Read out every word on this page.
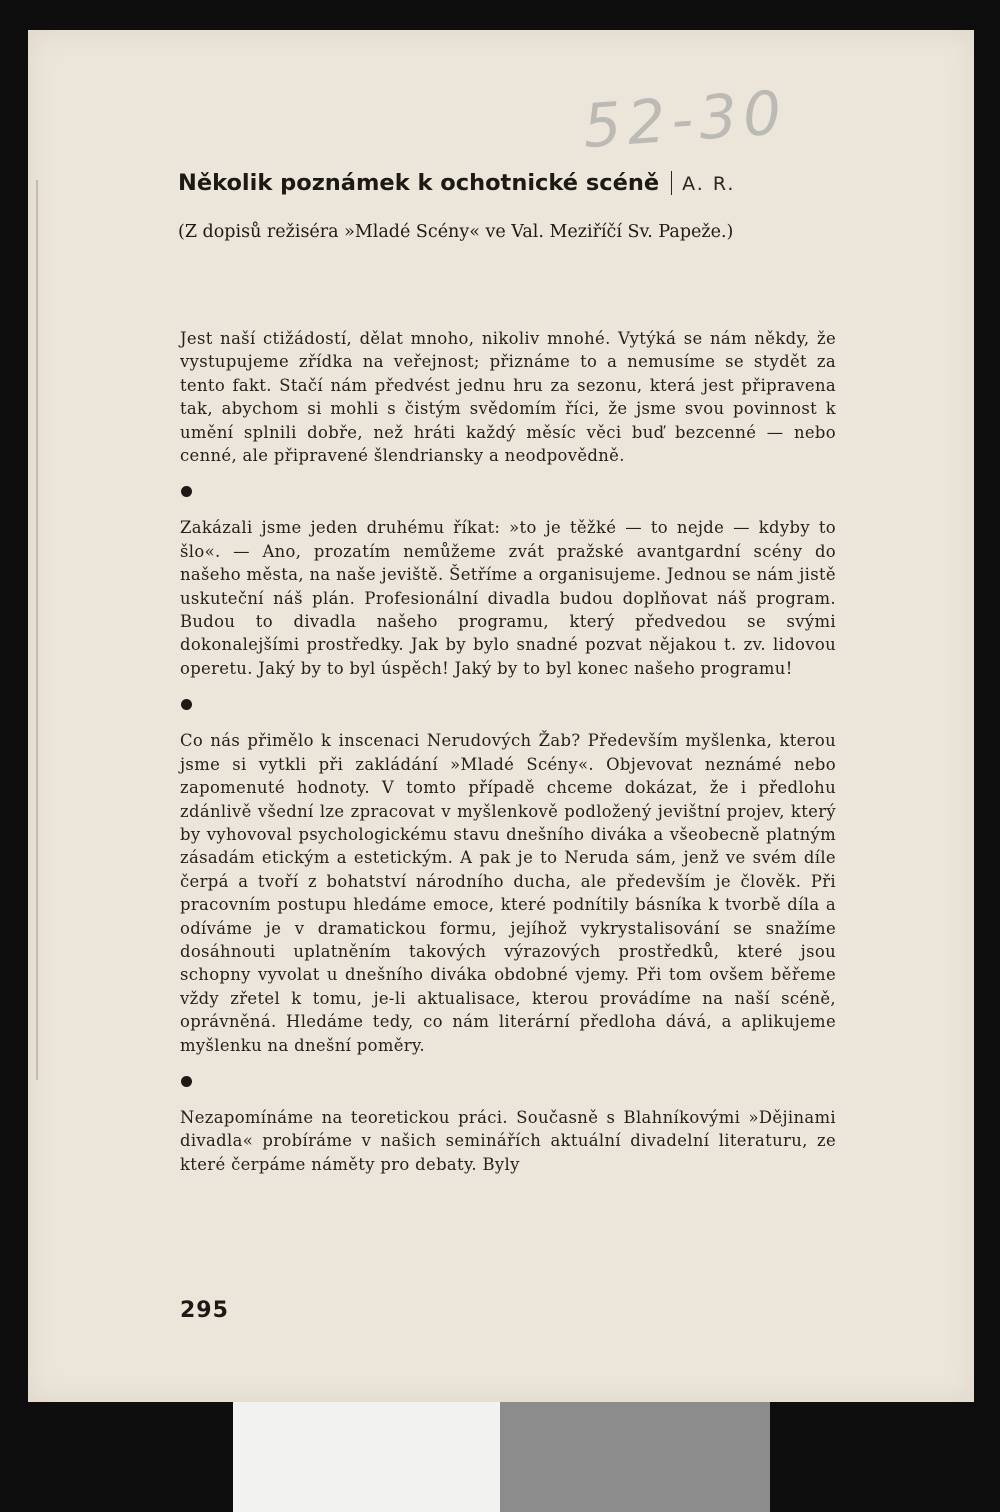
52-30
Několik poznámek k ochotnické scéně A. R.
(Z dopisů režiséra »Mladé Scény« ve Val. Meziříčí Sv. Papeže.)

Jest naší ctižádostí, dělat mnoho, nikoliv mnohé. Vytýká se nám někdy, že vystupujeme zřídka na veřejnost; přiznáme to a nemusíme se stydět za tento fakt. Stačí nám předvést jednu hru za sezonu, která jest připravena tak, abychom si mohli s čistým svědomím říci, že jsme svou povinnost k umění splnili dobře, než hráti každý měsíc věci buď bezcenné — nebo cenné, ale připravené šlendriansky a neodpovědně.

Zakázali jsme jeden druhému říkat: »to je těžké — to nejde — kdyby to šlo«. — Ano, prozatím nemůžeme zvát pražské avantgardní scény do našeho města, na naše jeviště. Šetříme a organisujeme. Jednou se nám jistě uskuteční náš plán. Profesionální divadla budou doplňovat náš program. Budou to divadla našeho programu, který předvedou se svými dokonalejšími prostředky. Jak by bylo snadné pozvat nějakou t. zv. lidovou operetu. Jaký by to byl úspěch! Jaký by to byl konec našeho programu!

Co nás přimělo k inscenaci Nerudových Žab? Především myšlenka, kterou jsme si vytkli při zakládání »Mladé Scény«. Objevovat neznámé nebo zapomenuté hodnoty. V tomto případě chceme dokázat, že i předlohu zdánlivě všední lze zpracovat v myšlenkově podložený jevištní projev, který by vyhovoval psychologickému stavu dnešního diváka a všeobecně platným zásadám etickým a estetickým. A pak je to Neruda sám, jenž ve svém díle čerpá a tvoří z bohatství národního ducha, ale především je člověk. Při pracovním postupu hledáme emoce, které podnítily básníka k tvorbě díla a odíváme je v dramatickou formu, jejíhož vykrystalisování se snažíme dosáhnouti uplatněním takových výrazových prostředků, které jsou schopny vyvolat u dnešního diváka obdobné vjemy. Při tom ovšem běřeme vždy zřetel k tomu, je-li aktualisace, kterou provádíme na naší scéně, oprávněná. Hledáme tedy, co nám literární předloha dává, a aplikujeme myšlenku na dnešní poměry.

Nezapomínáme na teoretickou práci. Současně s Blahníkovými »Dějinami divadla« probíráme v našich seminářích aktuální divadelní literaturu, ze které čerpáme náměty pro debaty. Byly

295
